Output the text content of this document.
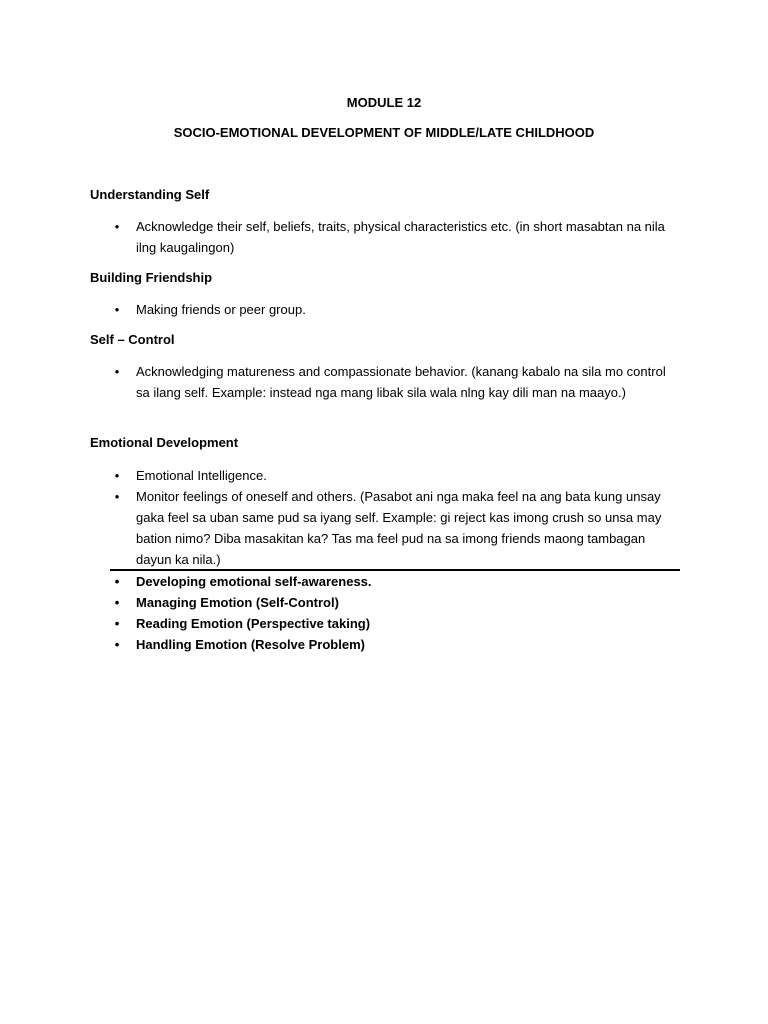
MODULE 12
SOCIO-EMOTIONAL DEVELOPMENT OF MIDDLE/LATE CHILDHOOD
Understanding Self
• Acknowledge their self, beliefs, traits, physical characteristics etc. (in short masabtan na nila ilng kaugalingon)
Building Friendship
• Making friends or peer group.
Self – Control
• Acknowledging matureness and compassionate behavior. (kanang kabalo na sila mo control sa ilang self. Example: instead nga mang libak sila wala nlng kay dili man na maayo.)
Emotional Development
• Emotional Intelligence.
• Monitor feelings of oneself and others. (Pasabot ani nga maka feel na ang bata kung unsay gaka feel sa uban same pud sa iyang self. Example: gi reject kas imong crush so unsa may bation nimo? Diba masakitan ka? Tas ma feel pud na sa imong friends maong tambagan dayun ka nila.)
• Developing emotional self-awareness.
• Managing Emotion (Self-Control)
• Reading Emotion (Perspective taking)
• Handling Emotion (Resolve Problem)
